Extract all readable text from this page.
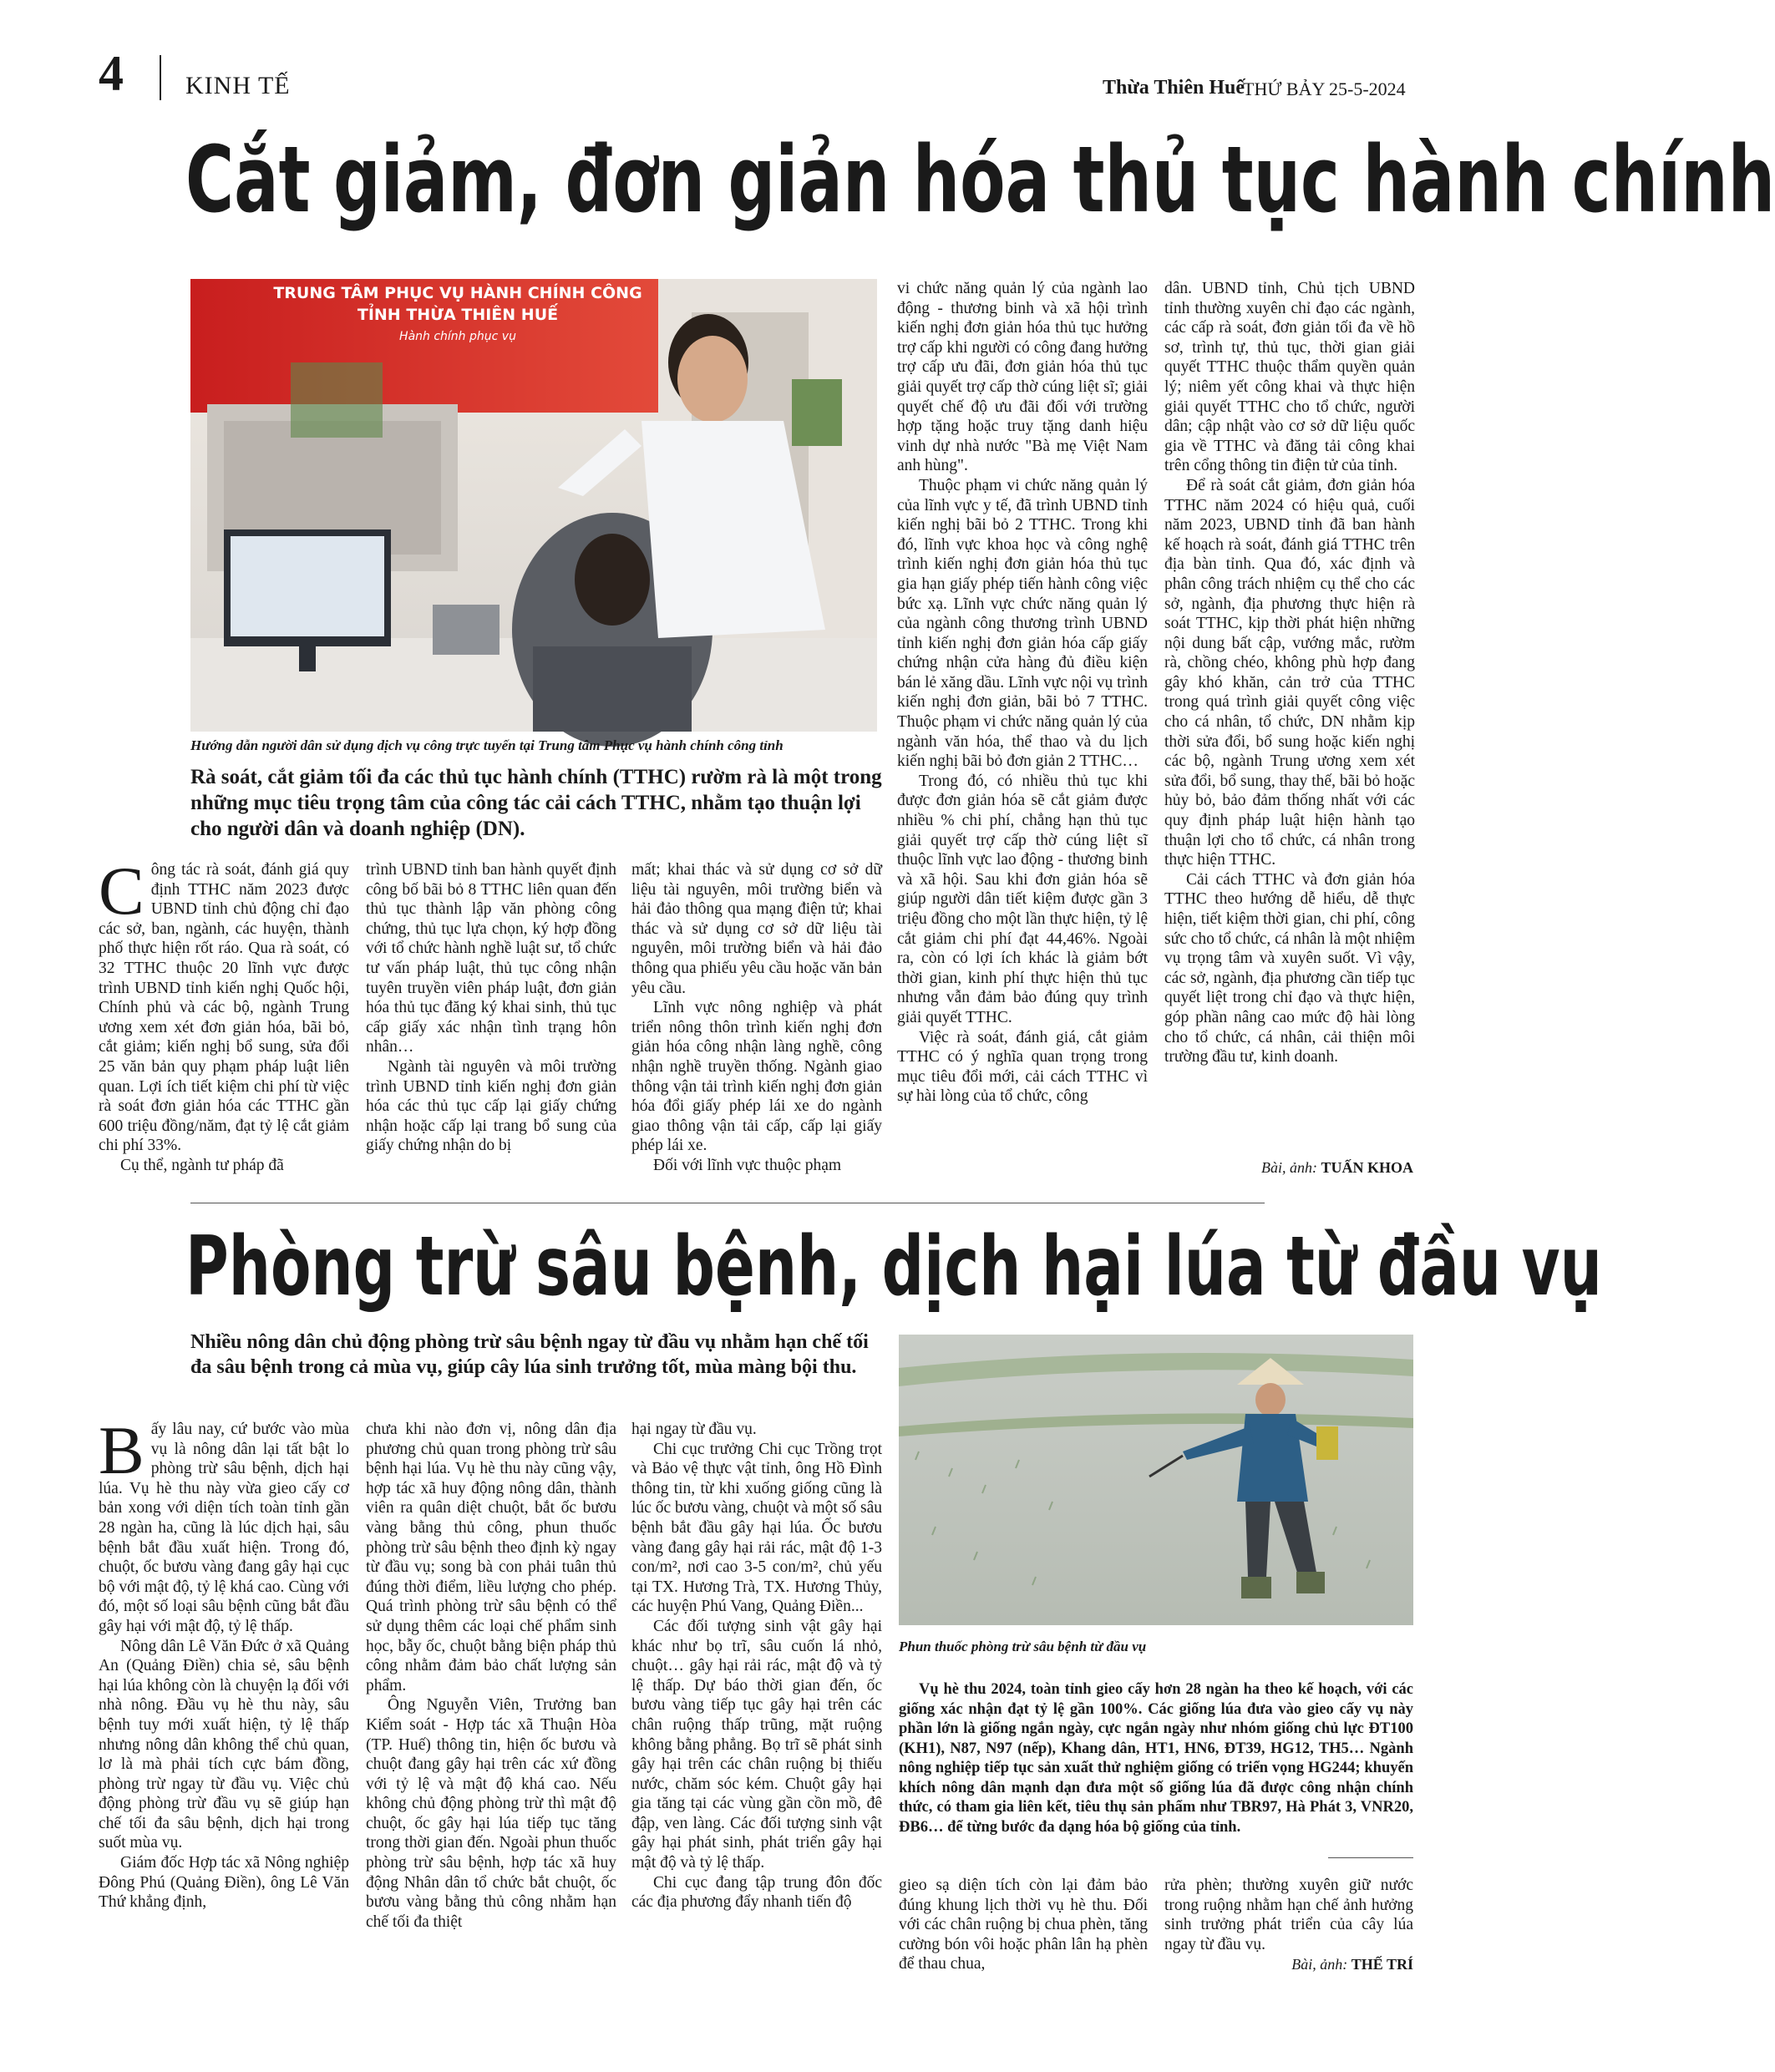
4 KINH TẾ	Thừa Thiên Huế
THỨ BẢY 25-5-2024
Cắt giảm, đơn giản hóa thủ tục hành chính
TRUNG TÂM PHỤC VỤ HÀNH CHÍNH CÔNG
TỈNH THỪA THIÊN HUẾ
Hành chính phục vụ
Hướng dẫn người dân sử dụng dịch vụ công trực tuyến tại Trung tâm Phục vụ hành chính công tỉnh
Rà soát, cắt giảm tối đa các thủ tục hành chính (TTHC) rườm rà là một trong những mục tiêu trọng tâm của công tác cải cách TTHC, nhằm tạo thuận lợi cho người dân và doanh nghiệp (DN).

Công tác rà soát, đánh giá quy định TTHC năm 2023 được UBND tỉnh chủ động chỉ đạo các sở, ban, ngành, các huyện, thành phố thực hiện rốt ráo. Qua rà soát, có 32 TTHC thuộc 20 lĩnh vực được trình UBND tỉnh kiến nghị Quốc hội, Chính phủ và các bộ, ngành Trung ương xem xét đơn giản hóa, bãi bỏ, cắt giảm; kiến nghị bổ sung, sửa đổi 25 văn bản quy phạm pháp luật liên quan. Lợi ích tiết kiệm chi phí từ việc rà soát đơn giản hóa các TTHC gần 600 triệu đồng/năm, đạt tỷ lệ cắt giảm chi phí 33%.

Cụ thể, ngành tư pháp đã

trình UBND tỉnh ban hành quyết định công bố bãi bỏ 8 TTHC liên quan đến thủ tục thành lập văn phòng công chứng, thủ tục lựa chọn, ký hợp đồng với tổ chức hành nghề luật sư, tổ chức tư vấn pháp luật, thủ tục công nhận tuyên truyền viên pháp luật, đơn giản hóa thủ tục đăng ký khai sinh, thủ tục cấp giấy xác nhận tình trạng hôn nhân…

Ngành tài nguyên và môi trường trình UBND tỉnh kiến nghị đơn giản hóa các thủ tục cấp lại giấy chứng nhận hoặc cấp lại trang bổ sung của giấy chứng nhận do bị

mất; khai thác và sử dụng cơ sở dữ liệu tài nguyên, môi trường biển và hải đảo thông qua mạng điện tử; khai thác và sử dụng cơ sở dữ liệu tài nguyên, môi trường biển và hải đảo thông qua phiếu yêu cầu hoặc văn bản yêu cầu.

Lĩnh vực nông nghiệp và phát triển nông thôn trình kiến nghị đơn giản hóa công nhận làng nghề, công nhận nghề truyền thống. Ngành giao thông vận tải trình kiến nghị đơn giản hóa đổi giấy phép lái xe do ngành giao thông vận tải cấp, cấp lại giấy phép lái xe.

Đối với lĩnh vực thuộc phạm

vi chức năng quản lý của ngành lao động - thương binh và xã hội trình kiến nghị đơn giản hóa thủ tục hưởng trợ cấp khi người có công đang hưởng trợ cấp ưu đãi, đơn giản hóa thủ tục giải quyết trợ cấp thờ cúng liệt sĩ; giải quyết chế độ ưu đãi đối với trường hợp tặng hoặc truy tặng danh hiệu vinh dự nhà nước "Bà mẹ Việt Nam anh hùng".

Thuộc phạm vi chức năng quản lý của lĩnh vực y tế, đã trình UBND tỉnh kiến nghị bãi bỏ 2 TTHC. Trong khi đó, lĩnh vực khoa học và công nghệ trình kiến nghị đơn giản hóa thủ tục gia hạn giấy phép tiến hành công việc bức xạ. Lĩnh vực chức năng quản lý của ngành công thương trình UBND tỉnh kiến nghị đơn giản hóa cấp giấy chứng nhận cửa hàng đủ điều kiện bán lẻ xăng dầu. Lĩnh vực nội vụ trình kiến nghị đơn giản, bãi bỏ 7 TTHC. Thuộc phạm vi chức năng quản lý của ngành văn hóa, thể thao và du lịch kiến nghị bãi bỏ đơn giản 2 TTHC…

Trong đó, có nhiều thủ tục khi được đơn giản hóa sẽ cắt giảm được nhiều % chi phí, chẳng hạn thủ tục giải quyết trợ cấp thờ cúng liệt sĩ thuộc lĩnh vực lao động - thương binh và xã hội. Sau khi đơn giản hóa sẽ giúp người dân tiết kiệm được gần 3 triệu đồng cho một lần thực hiện, tỷ lệ cắt giảm chi phí đạt 44,46%. Ngoài ra, còn có lợi ích khác là giảm bớt thời gian, kinh phí thực hiện thủ tục nhưng vẫn đảm bảo đúng quy trình giải quyết TTHC.

Việc rà soát, đánh giá, cắt giảm TTHC có ý nghĩa quan trọng trong mục tiêu đổi mới, cải cách TTHC vì sự hài lòng của tổ chức, công

dân. UBND tỉnh, Chủ tịch UBND tỉnh thường xuyên chỉ đạo các ngành, các cấp rà soát, đơn giản tối đa về hồ sơ, trình tự, thủ tục, thời gian giải quyết TTHC thuộc thẩm quyền quản lý; niêm yết công khai và thực hiện giải quyết TTHC cho tổ chức, người dân; cập nhật vào cơ sở dữ liệu quốc gia về TTHC và đăng tải công khai trên cổng thông tin điện tử của tỉnh.

Để rà soát cắt giảm, đơn giản hóa TTHC năm 2024 có hiệu quả, cuối năm 2023, UBND tỉnh đã ban hành kế hoạch rà soát, đánh giá TTHC trên địa bàn tỉnh. Qua đó, xác định và phân công trách nhiệm cụ thể cho các sở, ngành, địa phương thực hiện rà soát TTHC, kịp thời phát hiện những nội dung bất cập, vướng mắc, rườm rà, chồng chéo, không phù hợp đang gây khó khăn, cản trở của TTHC trong quá trình giải quyết công việc cho cá nhân, tổ chức, DN nhằm kịp thời sửa đổi, bổ sung hoặc kiến nghị các bộ, ngành Trung ương xem xét sửa đổi, bổ sung, thay thế, bãi bỏ hoặc hủy bỏ, bảo đảm thống nhất với các quy định pháp luật hiện hành tạo thuận lợi cho tổ chức, cá nhân trong thực hiện TTHC.

Cải cách TTHC và đơn giản hóa TTHC theo hướng dễ hiểu, dễ thực hiện, tiết kiệm thời gian, chi phí, công sức cho tổ chức, cá nhân là một nhiệm vụ trọng tâm và xuyên suốt. Vì vậy, các sở, ngành, địa phương cần tiếp tục quyết liệt trong chỉ đạo và thực hiện, góp phần nâng cao mức độ hài lòng cho tổ chức, cá nhân, cải thiện môi trường đầu tư, kinh doanh.

Bài, ảnh: TUẤN KHOA
Phòng trừ sâu bệnh, dịch hại lúa từ đầu vụ
Nhiều nông dân chủ động phòng trừ sâu bệnh ngay từ đầu vụ nhằm hạn chế tối đa sâu bệnh trong cả mùa vụ, giúp cây lúa sinh trưởng tốt, mùa màng bội thu.
Phun thuốc phòng trừ sâu bệnh từ đầu vụ

Bấy lâu nay, cứ bước vào mùa vụ là nông dân lại tất bật lo phòng trừ sâu bệnh, dịch hại lúa. Vụ hè thu này vừa gieo cấy cơ bản xong với diện tích toàn tỉnh gần 28 ngàn ha, cũng là lúc dịch hại, sâu bệnh bắt đầu xuất hiện. Trong đó, chuột, ốc bươu vàng đang gây hại cục bộ với mật độ, tỷ lệ khá cao. Cùng với đó, một số loại sâu bệnh cũng bắt đầu gây hại với mật độ, tỷ lệ thấp.

Nông dân Lê Văn Đức ở xã Quảng An (Quảng Điền) chia sẻ, sâu bệnh hại lúa không còn là chuyện lạ đối với nhà nông. Đầu vụ hè thu này, sâu bệnh tuy mới xuất hiện, tỷ lệ thấp nhưng nông dân không thể chủ quan, lơ là mà phải tích cực bám đồng, phòng trừ ngay từ đầu vụ. Việc chủ động phòng trừ đầu vụ sẽ giúp hạn chế tối đa sâu bệnh, dịch hại trong suốt mùa vụ.

Giám đốc Hợp tác xã Nông nghiệp Đông Phú (Quảng Điền), ông Lê Văn Thứ khẳng định,

chưa khi nào đơn vị, nông dân địa phương chủ quan trong phòng trừ sâu bệnh hại lúa. Vụ hè thu này cũng vậy, hợp tác xã huy động nông dân, thành viên ra quân diệt chuột, bắt ốc bươu vàng bằng thủ công, phun thuốc phòng trừ sâu bệnh theo định kỳ ngay từ đầu vụ; song bà con phải tuân thủ đúng thời điểm, liều lượng cho phép. Quá trình phòng trừ sâu bệnh có thể sử dụng thêm các loại chế phẩm sinh học, bẫy ốc, chuột bằng biện pháp thủ công nhằm đảm bảo chất lượng sản phẩm.

Ông Nguyễn Viên, Trưởng ban Kiểm soát - Hợp tác xã Thuận Hòa (TP. Huế) thông tin, hiện ốc bươu và chuột đang gây hại trên các xứ đồng với tỷ lệ và mật độ khá cao. Nếu không chủ động phòng trừ thì mật độ chuột, ốc gây hại lúa tiếp tục tăng trong thời gian đến. Ngoài phun thuốc phòng trừ sâu bệnh, hợp tác xã huy động Nhân dân tổ chức bắt chuột, ốc bươu vàng bằng thủ công nhằm hạn chế tối đa thiệt

hại ngay từ đầu vụ.

Chi cục trưởng Chi cục Trồng trọt và Bảo vệ thực vật tỉnh, ông Hồ Đình thông tin, từ khi xuống giống cũng là lúc ốc bươu vàng, chuột và một số sâu bệnh bắt đầu gây hại lúa. Ốc bươu vàng đang gây hại rải rác, mật độ 1-3 con/m², nơi cao 3-5 con/m², chủ yếu tại TX. Hương Trà, TX. Hương Thủy, các huyện Phú Vang, Quảng Điền...

Các đối tượng sinh vật gây hại khác như bọ trĩ, sâu cuốn lá nhỏ, chuột… gây hại rải rác, mật độ và tỷ lệ thấp. Dự báo thời gian đến, ốc bươu vàng tiếp tục gây hại trên các chân ruộng thấp trũng, mặt ruộng không bằng phẳng. Bọ trĩ sẽ phát sinh gây hại trên các chân ruộng bị thiếu nước, chăm sóc kém. Chuột gây hại gia tăng tại các vùng gần cồn mồ, đê đập, ven làng. Các đối tượng sinh vật gây hại phát sinh, phát triển gây hại mật độ và tỷ lệ thấp.

Chi cục đang tập trung đôn đốc các địa phương đẩy nhanh tiến độ

Vụ hè thu 2024, toàn tỉnh gieo cấy hơn 28 ngàn ha theo kế hoạch, với các giống xác nhận đạt tỷ lệ gần 100%. Các giống lúa đưa vào gieo cấy vụ này phần lớn là giống ngắn ngày, cực ngắn ngày như nhóm giống chủ lực ĐT100 (KH1), N87, N97 (nếp), Khang dân, HT1, HN6, ĐT39, HG12, TH5… Ngành nông nghiệp tiếp tục sản xuất thử nghiệm giống có triển vọng HG244; khuyến khích nông dân mạnh dạn đưa một số giống lúa đã được công nhận chính thức, có tham gia liên kết, tiêu thụ sản phẩm như TBR97, Hà Phát 3, VNR20, ĐB6… để từng bước đa dạng hóa bộ giống của tỉnh.

gieo sạ diện tích còn lại đảm bảo đúng khung lịch thời vụ hè thu. Đối với các chân ruộng bị chua phèn, tăng cường bón vôi hoặc phân lân hạ phèn để thau chua,

rửa phèn; thường xuyên giữ nước trong ruộng nhằm hạn chế ảnh hưởng sinh trưởng phát triển của cây lúa ngay từ đầu vụ.

Bài, ảnh: THẾ TRÍ
